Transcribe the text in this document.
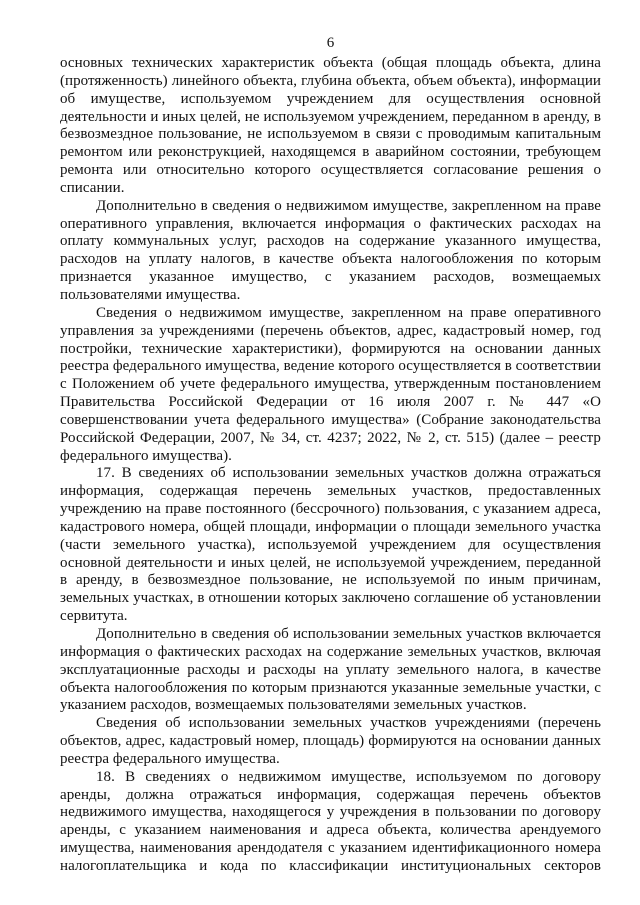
6

основных технических характеристик объекта (общая площадь объекта, длина (протяженность) линейного объекта, глубина объекта, объем объекта), информации об имуществе, используемом учреждением для осуществления основной деятельности и иных целей, не используемом учреждением, переданном в аренду, в безвозмездное пользование, не используемом в связи с проводимым капитальным ремонтом или реконструкцией, находящемся в аварийном состоянии, требующем ремонта или относительно которого осуществляется согласование решения о списании.

Дополнительно в сведения о недвижимом имуществе, закрепленном на праве оперативного управления, включается информация о фактических расходах на оплату коммунальных услуг, расходов на содержание указанного имущества, расходов на уплату налогов, в качестве объекта налогообложения по которым признается указанное имущество, с указанием расходов, возмещаемых пользователями имущества.

Сведения о недвижимом имуществе, закрепленном на праве оперативного управления за учреждениями (перечень объектов, адрес, кадастровый номер, год постройки, технические характеристики), формируются на основании данных реестра федерального имущества, ведение которого осуществляется в соответствии с Положением об учете федерального имущества, утвержденным постановлением Правительства Российской Федерации от 16 июля 2007 г. № 447 «О совершенствовании учета федерального имущества» (Собрание законодательства Российской Федерации, 2007, № 34, ст. 4237; 2022, № 2, ст. 515) (далее – реестр федерального имущества).

17. В сведениях об использовании земельных участков должна отражаться информация, содержащая перечень земельных участков, предоставленных учреждению на праве постоянного (бессрочного) пользования, с указанием адреса, кадастрового номера, общей площади, информации о площади земельного участка (части земельного участка), используемой учреждением для осуществления основной деятельности и иных целей, не используемой учреждением, переданной в аренду, в безвозмездное пользование, не используемой по иным причинам, земельных участках, в отношении которых заключено соглашение об установлении сервитута.

Дополнительно в сведения об использовании земельных участков включается информация о фактических расходах на содержание земельных участков, включая эксплуатационные расходы и расходы на уплату земельного налога, в качестве объекта налогообложения по которым признаются указанные земельные участки, с указанием расходов, возмещаемых пользователями земельных участков.

Сведения об использовании земельных участков учреждениями (перечень объектов, адрес, кадастровый номер, площадь) формируются на основании данных реестра федерального имущества.

18. В сведениях о недвижимом имуществе, используемом по договору аренды, должна отражаться информация, содержащая перечень объектов недвижимого имущества, находящегося у учреждения в пользовании по договору аренды, с указанием наименования и адреса объекта, количества арендуемого имущества, наименования арендодателя с указанием идентификационного номера налогоплательщика и кода по классификации институциональных секторов
